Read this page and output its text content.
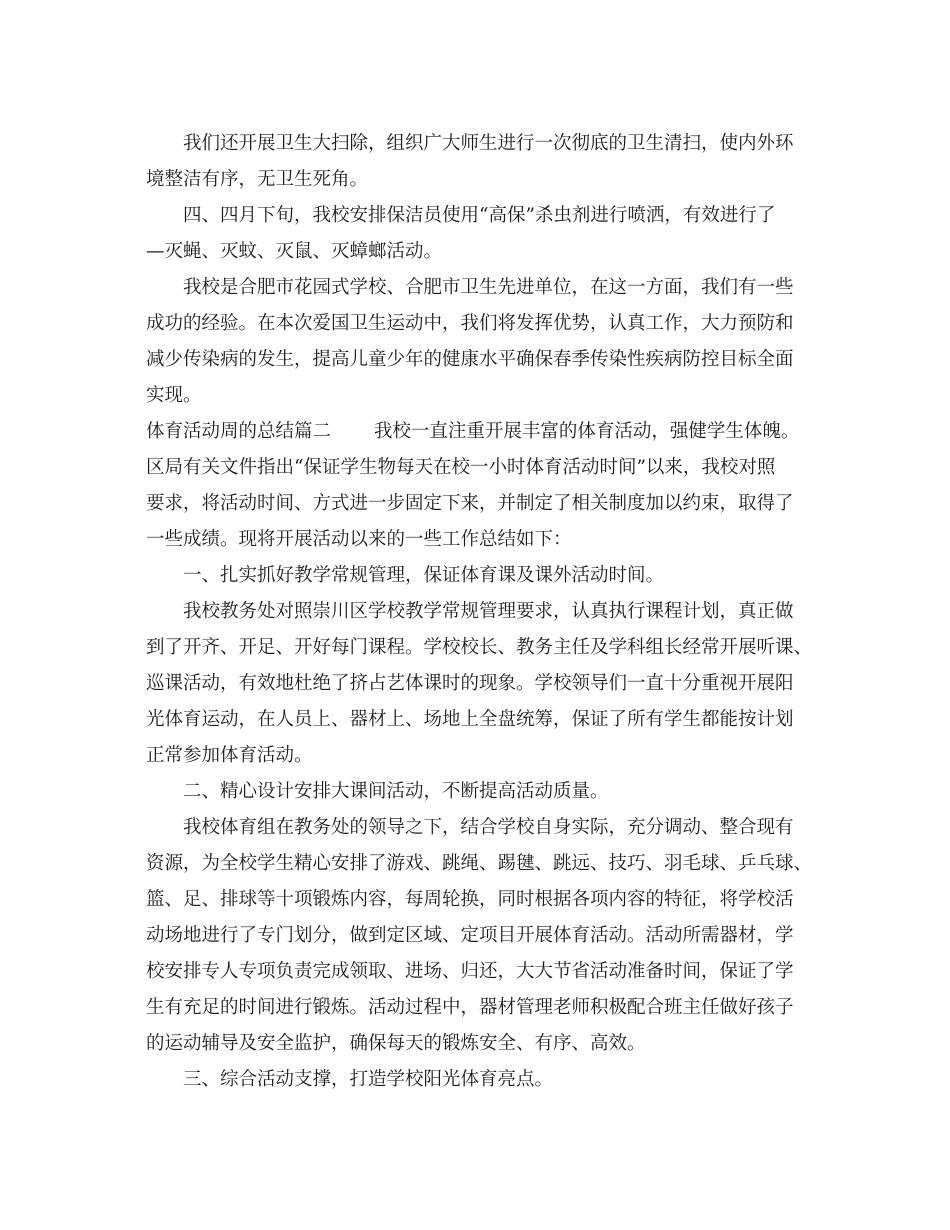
　　我们还开展卫生大扫除，组织广大师生进行一次彻底的卫生清扫，使内外环
境整洁有序，无卫生死角。
　　四、四月下旬，我校安排保洁员使用“高保”杀虫剂进行喷洒，有效进行了
—灭蝇、灭蚊、灭鼠、灭蟑螂活动。
　　我校是合肥市花园式学校、合肥市卫生先进单位，在这一方面，我们有一些
成功的经验。在本次爱国卫生运动中，我们将发挥优势，认真工作，大力预防和
减少传染病的发生，提高儿童少年的健康水平确保春季传染性疾病防控目标全面
实现。
体育活动周的总结篇二　　 我校一直注重开展丰富的体育活动，强健学生体魄。
区局有关文件指出“保证学生物每天在校一小时体育活动时间”以来，我校对照
要求，将活动时间、方式进一步固定下来，并制定了相关制度加以约束，取得了
一些成绩。现将开展活动以来的一些工作总结如下：
　　一、扎实抓好教学常规管理，保证体育课及课外活动时间。
　　我校教务处对照崇川区学校教学常规管理要求，认真执行课程计划，真正做
到了开齐、开足、开好每门课程。学校校长、教务主任及学科组长经常开展听课、
巡课活动，有效地杜绝了挤占艺体课时的现象。学校领导们一直十分重视开展阳
光体育运动，在人员上、器材上、场地上全盘统筹，保证了所有学生都能按计划
正常参加体育活动。
　　二、精心设计安排大课间活动，不断提高活动质量。
　　我校体育组在教务处的领导之下，结合学校自身实际，充分调动、整合现有
资源，为全校学生精心安排了游戏、跳绳、踢毽、跳远、技巧、羽毛球、乒乓球、
篮、足、排球等十项锻炼内容，每周轮换，同时根据各项内容的特征，将学校活
动场地进行了专门划分，做到定区域、定项目开展体育活动。活动所需器材，学
校安排专人专项负责完成领取、进场、归还，大大节省活动准备时间，保证了学
生有充足的时间进行锻炼。活动过程中，器材管理老师积极配合班主任做好孩子
的运动辅导及安全监护，确保每天的锻炼安全、有序、高效。
　　三、综合活动支撑，打造学校阳光体育亮点。
